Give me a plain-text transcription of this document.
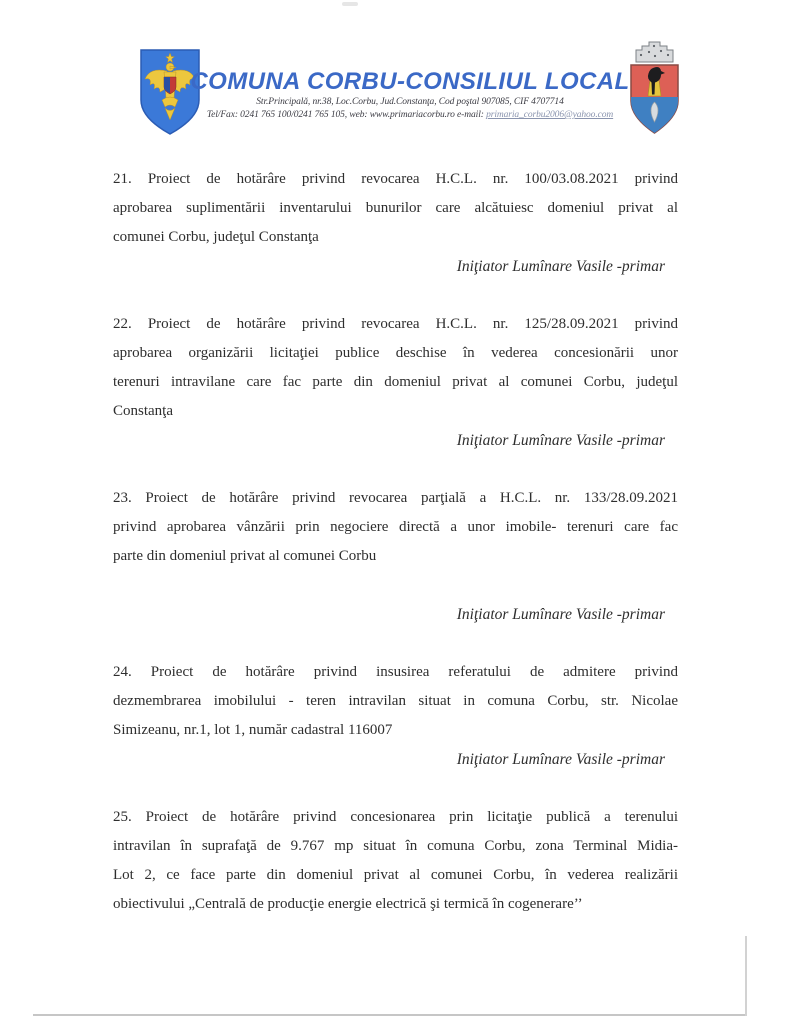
COMUNA CORBU-CONSILIUL LOCAL
Str.Principală, nr.38, Loc.Corbu, Jud.Constanţa, Cod poştal 907085, CIF 4707714
Tel/Fax: 0241 765 100/0241 765 105, web: www.primariacorbu.ro e-mail: primaria_corbu2006@yahoo.com
21. Proiect de hotărâre privind revocarea H.C.L. nr. 100/03.08.2021 privind
aprobarea suplimentării inventarului bunurilor care alcătuiesc domeniul privat al
comunei Corbu, judeţul Constanţa
Iniţiator Lumînare Vasile -primar
22. Proiect de hotărâre privind revocarea H.C.L. nr. 125/28.09.2021 privind
aprobarea organizării licitaţiei publice deschise în vederea concesionării unor
terenuri intravilane care fac parte din domeniul privat al comunei Corbu, judeţul
Constanţa
Iniţiator Lumînare Vasile -primar
23. Proiect de hotărâre privind revocarea parţială a H.C.L. nr. 133/28.09.2021
privind aprobarea vânzării prin negociere directă a unor imobile- terenuri care fac
parte din domeniul privat al comunei Corbu
Iniţiator Lumînare Vasile -primar
24. Proiect de hotărâre privind insusirea referatului de admitere privind
dezmembrarea imobilului - teren intravilan situat in comuna Corbu, str. Nicolae
Simizeanu, nr.1, lot 1, număr cadastral 116007
Iniţiator Lumînare Vasile -primar
25. Proiect de hotărâre privind concesionarea prin licitaţie publică a terenului
intravilan în suprafaţă de 9.767 mp situat în comuna Corbu, zona Terminal Midia-
Lot 2, ce face parte din domeniul privat al comunei Corbu, în vederea realizării
obiectivului „Centrală de producţie energie electrică şi termică în cogenerare’’
